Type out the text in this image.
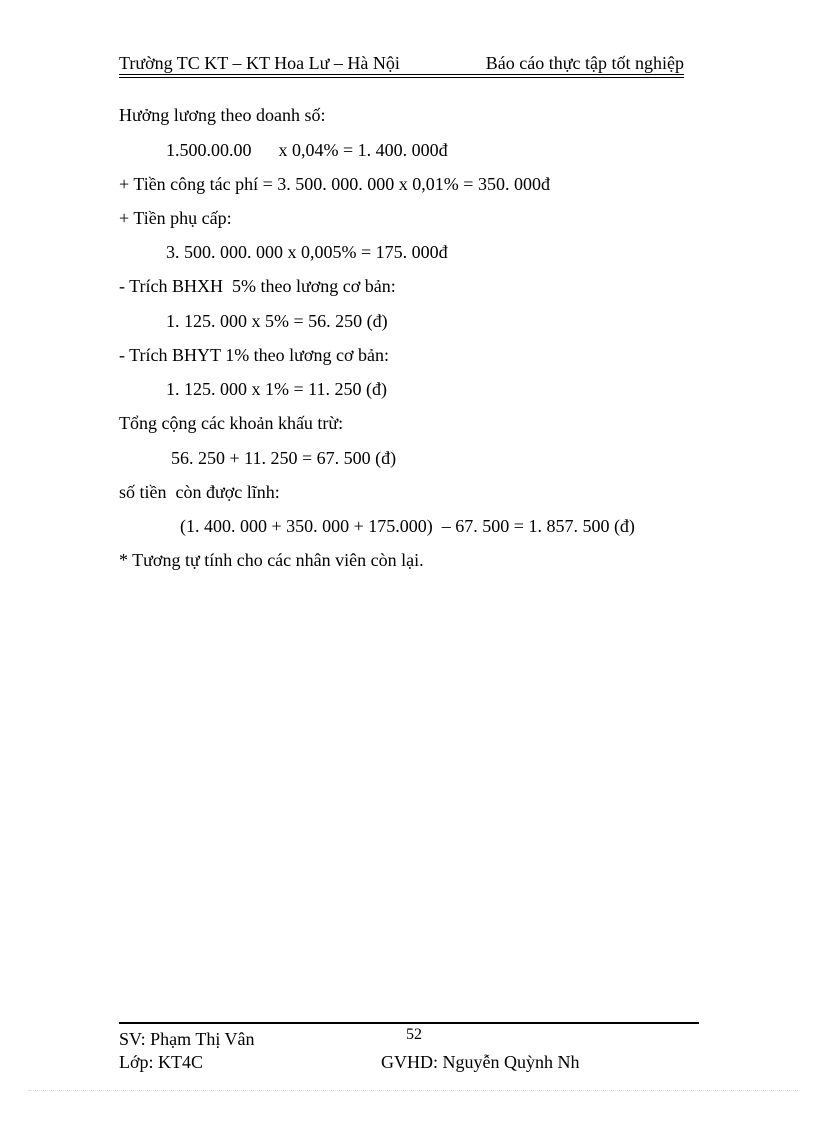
Trường TC KT – KT Hoa Lư – Hà Nội	Báo cáo thực tập tốt nghiệp
Hưởng lương theo doanh số:
1.500.00.00      x 0,04% = 1. 400. 000đ
+ Tiền công tác phí = 3. 500. 000. 000 x 0,01% = 350. 000đ
+ Tiền phụ cấp:
3. 500. 000. 000 x 0,005% = 175. 000đ
- Trích BHXH  5% theo lương cơ bản:
1. 125. 000 x 5% = 56. 250 (đ)
- Trích BHYT 1% theo lương cơ bản:
1. 125. 000 x 1% = 11. 250 (đ)
Tổng cộng các khoản khấu trừ:
56. 250 + 11. 250 = 67. 500 (đ)
số tiền  còn được lĩnh:
(1. 400. 000 + 350. 000 + 175.000)  – 67. 500 = 1. 857. 500 (đ)
* Tương tự tính cho các nhân viên còn lại.
52
SV: Phạm Thị Vân
Lớp: KT4C	GVHD: Nguyễn Quỳnh Nh
